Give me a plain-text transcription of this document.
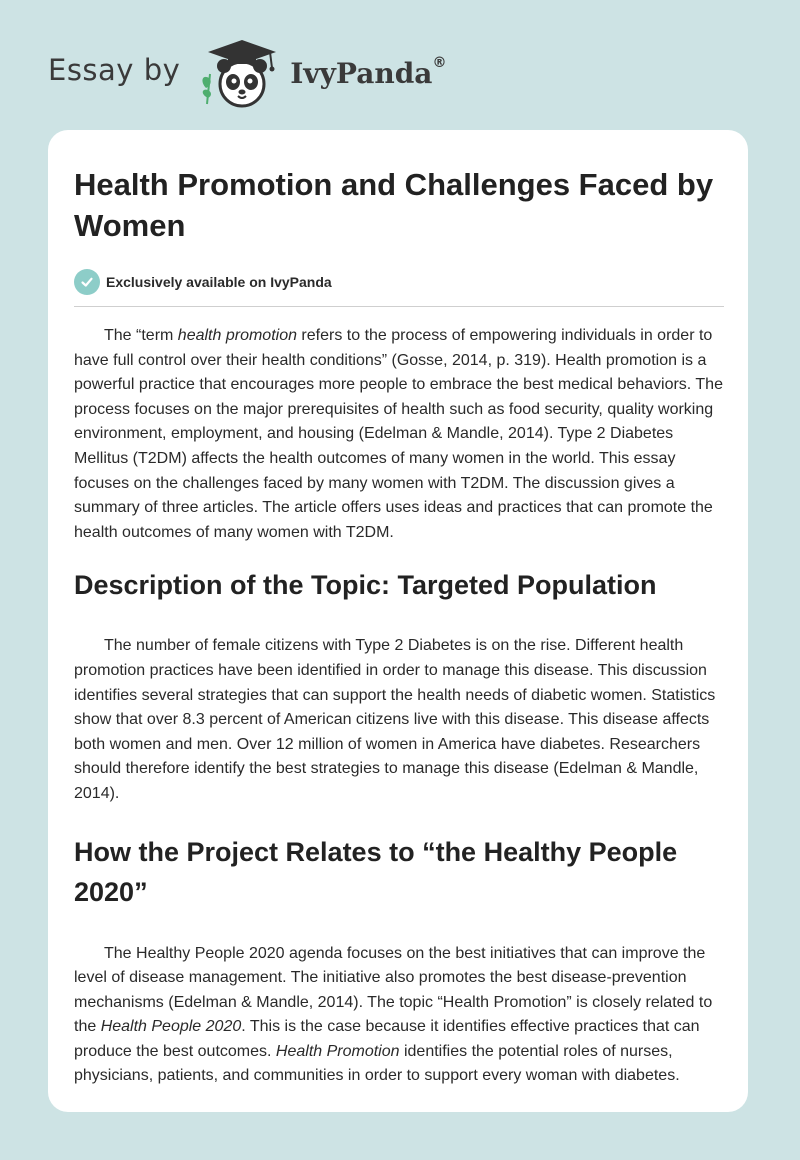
Essay by	IvyPanda®
Health Promotion and Challenges Faced by Women
Exclusively available on IvyPanda

The “term health promotion refers to the process of empowering individuals in order to have full control over their health conditions” (Gosse, 2014, p. 319). Health promotion is a powerful practice that encourages more people to embrace the best medical behaviors. The process focuses on the major prerequisites of health such as food security, quality working environment, employment, and housing (Edelman & Mandle, 2014). Type 2 Diabetes Mellitus (T2DM) affects the health outcomes of many women in the world. This essay focuses on the challenges faced by many women with T2DM. The discussion gives a summary of three articles. The article offers uses ideas and practices that can promote the health outcomes of many women with T2DM.

Description of the Topic: Targeted Population

The number of female citizens with Type 2 Diabetes is on the rise. Different health promotion practices have been identified in order to manage this disease. This discussion identifies several strategies that can support the health needs of diabetic women. Statistics show that over 8.3 percent of American citizens live with this disease. This disease affects both women and men. Over 12 million of women in America have diabetes. Researchers should therefore identify the best strategies to manage this disease (Edelman & Mandle, 2014).

How the Project Relates to “the Healthy People 2020”

The Healthy People 2020 agenda focuses on the best initiatives that can improve the level of disease management. The initiative also promotes the best disease-prevention mechanisms (Edelman & Mandle, 2014). The topic “Health Promotion” is closely related to the Health People 2020. This is the case because it identifies effective practices that can produce the best outcomes. Health Promotion identifies the potential roles of nurses, physicians, patients, and communities in order to support every woman with diabetes.
